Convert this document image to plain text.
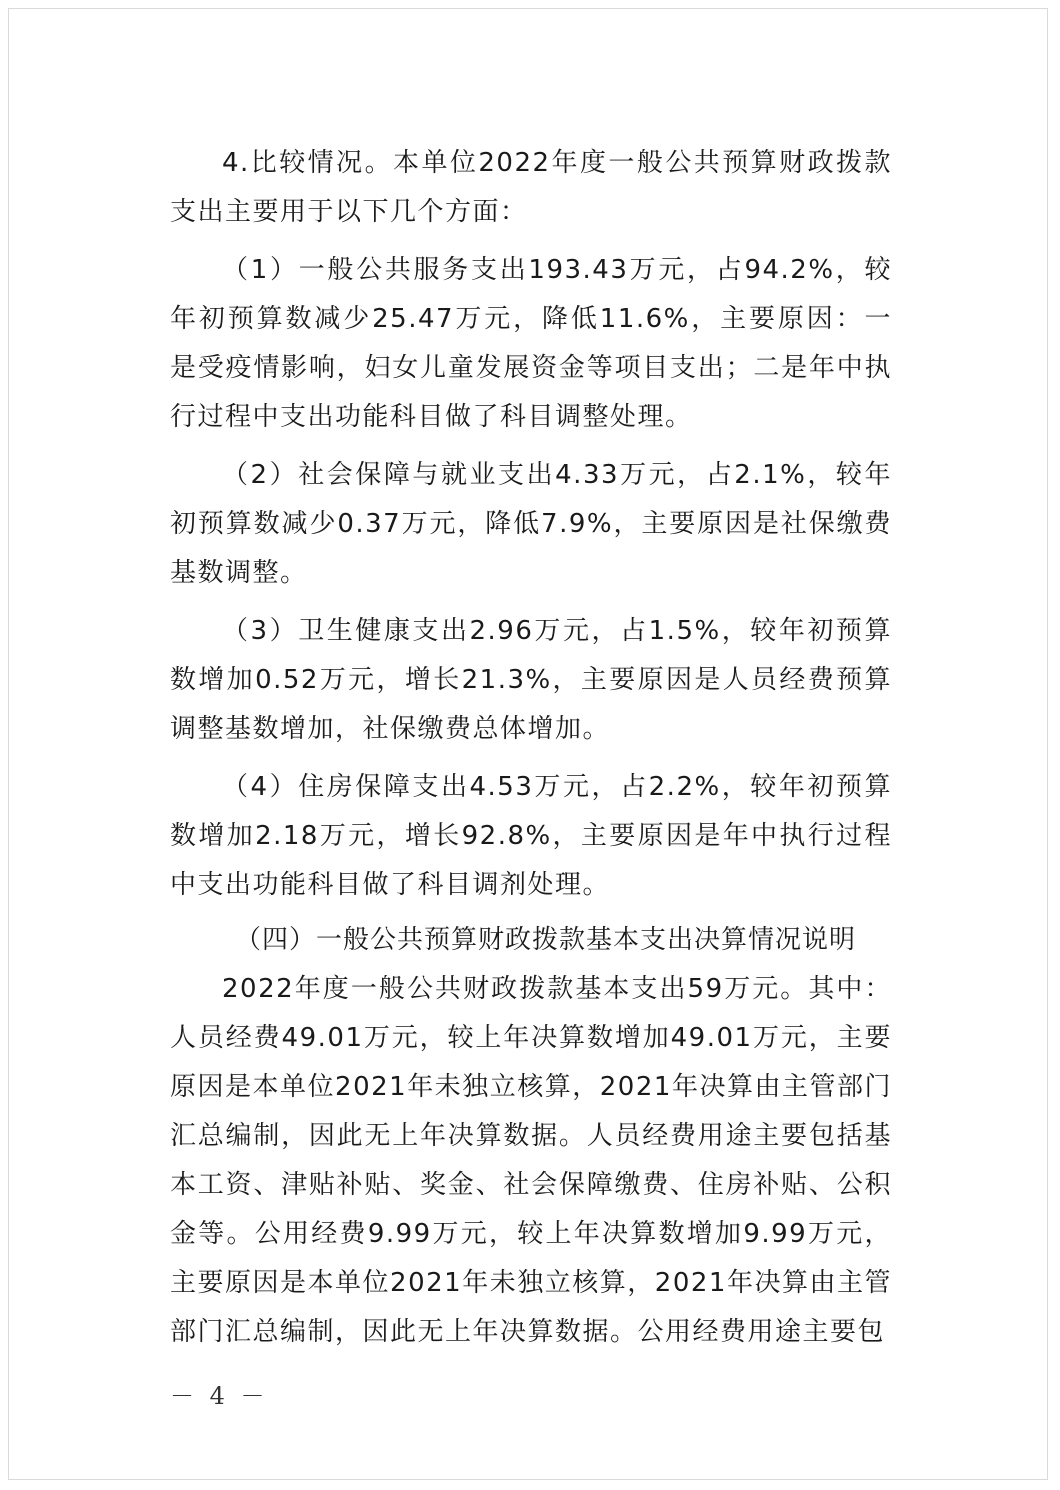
4.比较情况。本单位2022年度一般公共预算财政拨款支出主要用于以下几个方面：

（1）一般公共服务支出193.43万元，占94.2%，较年初预算数减少25.47万元，降低11.6%，主要原因：一是受疫情影响，妇女儿童发展资金等项目支出；二是年中执行过程中支出功能科目做了科目调整处理。

（2）社会保障与就业支出4.33万元，占2.1%，较年初预算数减少0.37万元，降低7.9%，主要原因是社保缴费基数调整。

（3）卫生健康支出2.96万元，占1.5%，较年初预算数增加0.52万元，增长21.3%，主要原因是人员经费预算调整基数增加，社保缴费总体增加。

（4）住房保障支出4.53万元，占2.2%，较年初预算数增加2.18万元，增长92.8%，主要原因是年中执行过程中支出功能科目做了科目调剂处理。

（四）一般公共预算财政拨款基本支出决算情况说明

2022年度一般公共财政拨款基本支出59万元。其中：人员经费49.01万元，较上年决算数增加49.01万元，主要原因是本单位2021年未独立核算，2021年决算由主管部门汇总编制，因此无上年决算数据。人员经费用途主要包括基本工资、津贴补贴、奖金、社会保障缴费、住房补贴、公积金等。公用经费9.99万元，较上年决算数增加9.99万元，主要原因是本单位2021年未独立核算，2021年决算由主管部门汇总编制，因此无上年决算数据。公用经费用途主要包

－ 4 －
